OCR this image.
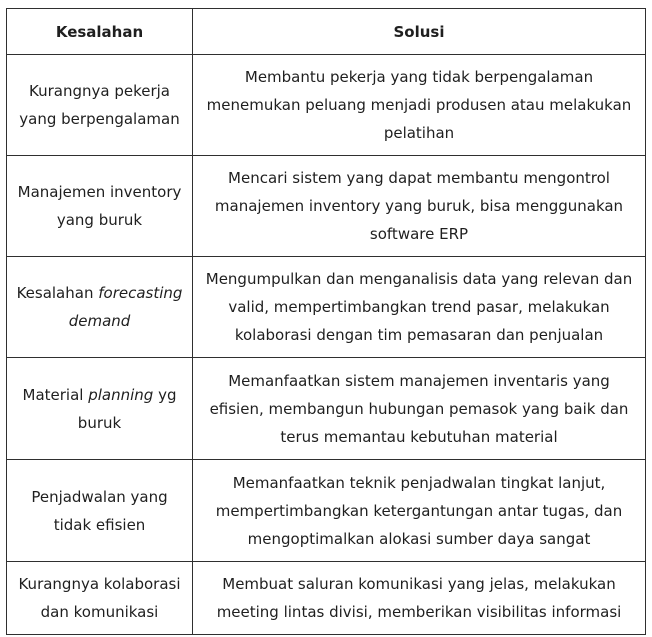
Kesalahan	Solusi
Kurangnya pekerja yang berpengalaman	Membantu pekerja yang tidak berpengalaman menemukan peluang menjadi produsen atau melakukan pelatihan
Manajemen inventory yang buruk	Mencari sistem yang dapat membantu mengontrol manajemen inventory yang buruk, bisa menggunakan software ERP
Kesalahan forecasting demand	Mengumpulkan dan menganalisis data yang relevan dan valid, mempertimbangkan trend pasar, melakukan kolaborasi dengan tim pemasaran dan penjualan
Material planning yg buruk	Memanfaatkan sistem manajemen inventaris yang efisien, membangun hubungan pemasok yang baik dan terus memantau kebutuhan material
Penjadwalan yang tidak efisien	Memanfaatkan teknik penjadwalan tingkat lanjut, mempertimbangkan ketergantungan antar tugas, dan mengoptimalkan alokasi sumber daya sangat
Kurangnya kolaborasi dan komunikasi	Membuat saluran komunikasi yang jelas, melakukan meeting lintas divisi, memberikan visibilitas informasi
